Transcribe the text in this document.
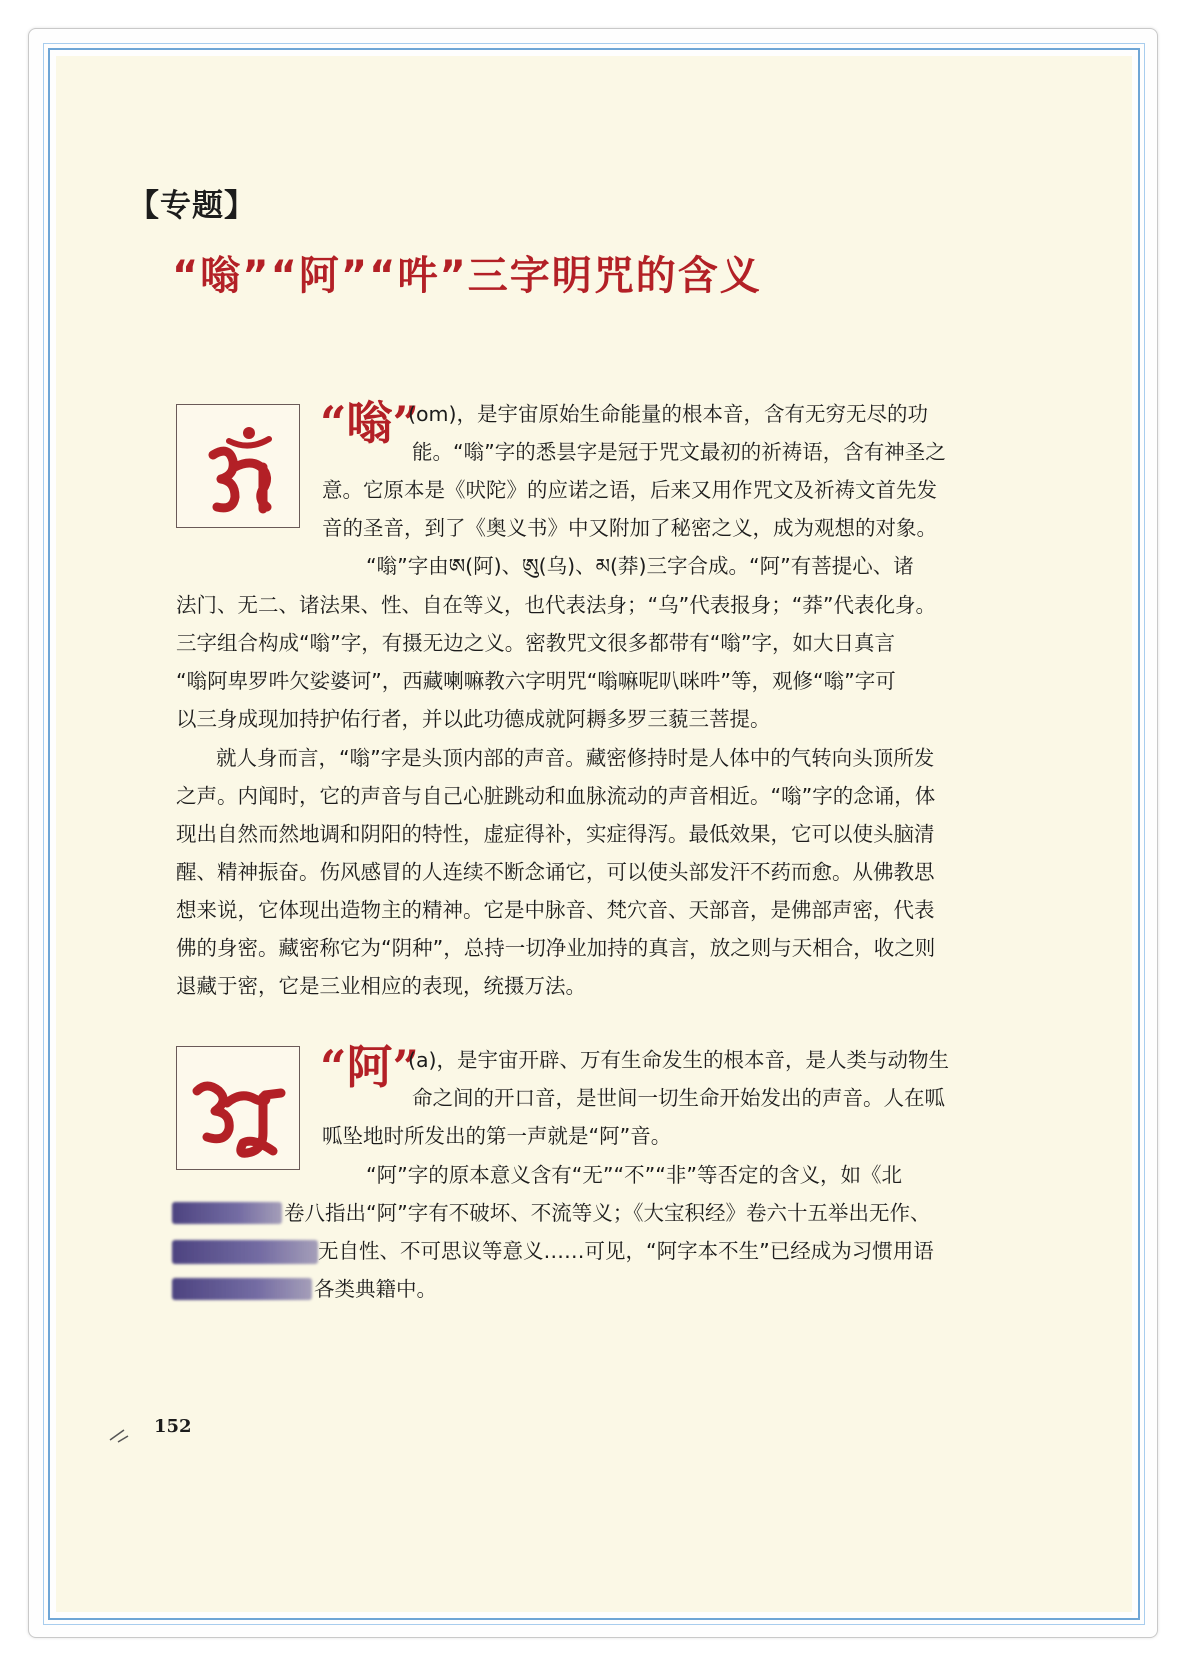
【专题】
“嗡”“阿”“吽”三字明咒的含义
“嗡”
(om)，是宇宙原始生命能量的根本音，含有无穷无尽的功
能。“嗡”字的悉昙字是冠于咒文最初的祈祷语，含有神圣之
意。它原本是《吠陀》的应诺之语，后来又用作咒文及祈祷文首先发
音的圣音，到了《奥义书》中又附加了秘密之义，成为观想的对象。
“嗡”字由ཨ(阿)、ཨུ(乌)、མ(莽)三字合成。“阿”有菩提心、诸
法门、无二、诸法果、性、自在等义，也代表法身；“乌”代表报身；“莽”代表化身。
三字组合构成“嗡”字，有摄无边之义。密教咒文很多都带有“嗡”字，如大日真言
“嗡阿卑罗吽欠娑婆诃”，西藏喇嘛教六字明咒“嗡嘛呢叭咪吽”等，观修“嗡”字可
以三身成现加持护佑行者，并以此功德成就阿耨多罗三藐三菩提。
就人身而言，“嗡”字是头顶内部的声音。藏密修持时是人体中的气转向头顶所发
之声。内闻时，它的声音与自己心脏跳动和血脉流动的声音相近。“嗡”字的念诵，体
现出自然而然地调和阴阳的特性，虚症得补，实症得泻。最低效果，它可以使头脑清
醒、精神振奋。伤风感冒的人连续不断念诵它，可以使头部发汗不药而愈。从佛教思
想来说，它体现出造物主的精神。它是中脉音、梵穴音、天部音，是佛部声密，代表
佛的身密。藏密称它为“阴种”，总持一切净业加持的真言，放之则与天相合，收之则
退藏于密，它是三业相应的表现，统摄万法。
“阿”
(a)，是宇宙开辟、万有生命发生的根本音，是人类与动物生
命之间的开口音，是世间一切生命开始发出的声音。人在呱
呱坠地时所发出的第一声就是“阿”音。
“阿”字的原本意义含有“无”“不”“非”等否定的含义，如《北
卷八指出“阿”字有不破坏、不流等义；《大宝积经》卷六十五举出无作、
无自性、不可思议等意义……可见，“阿字本不生”已经成为习惯用语
各类典籍中。
152
